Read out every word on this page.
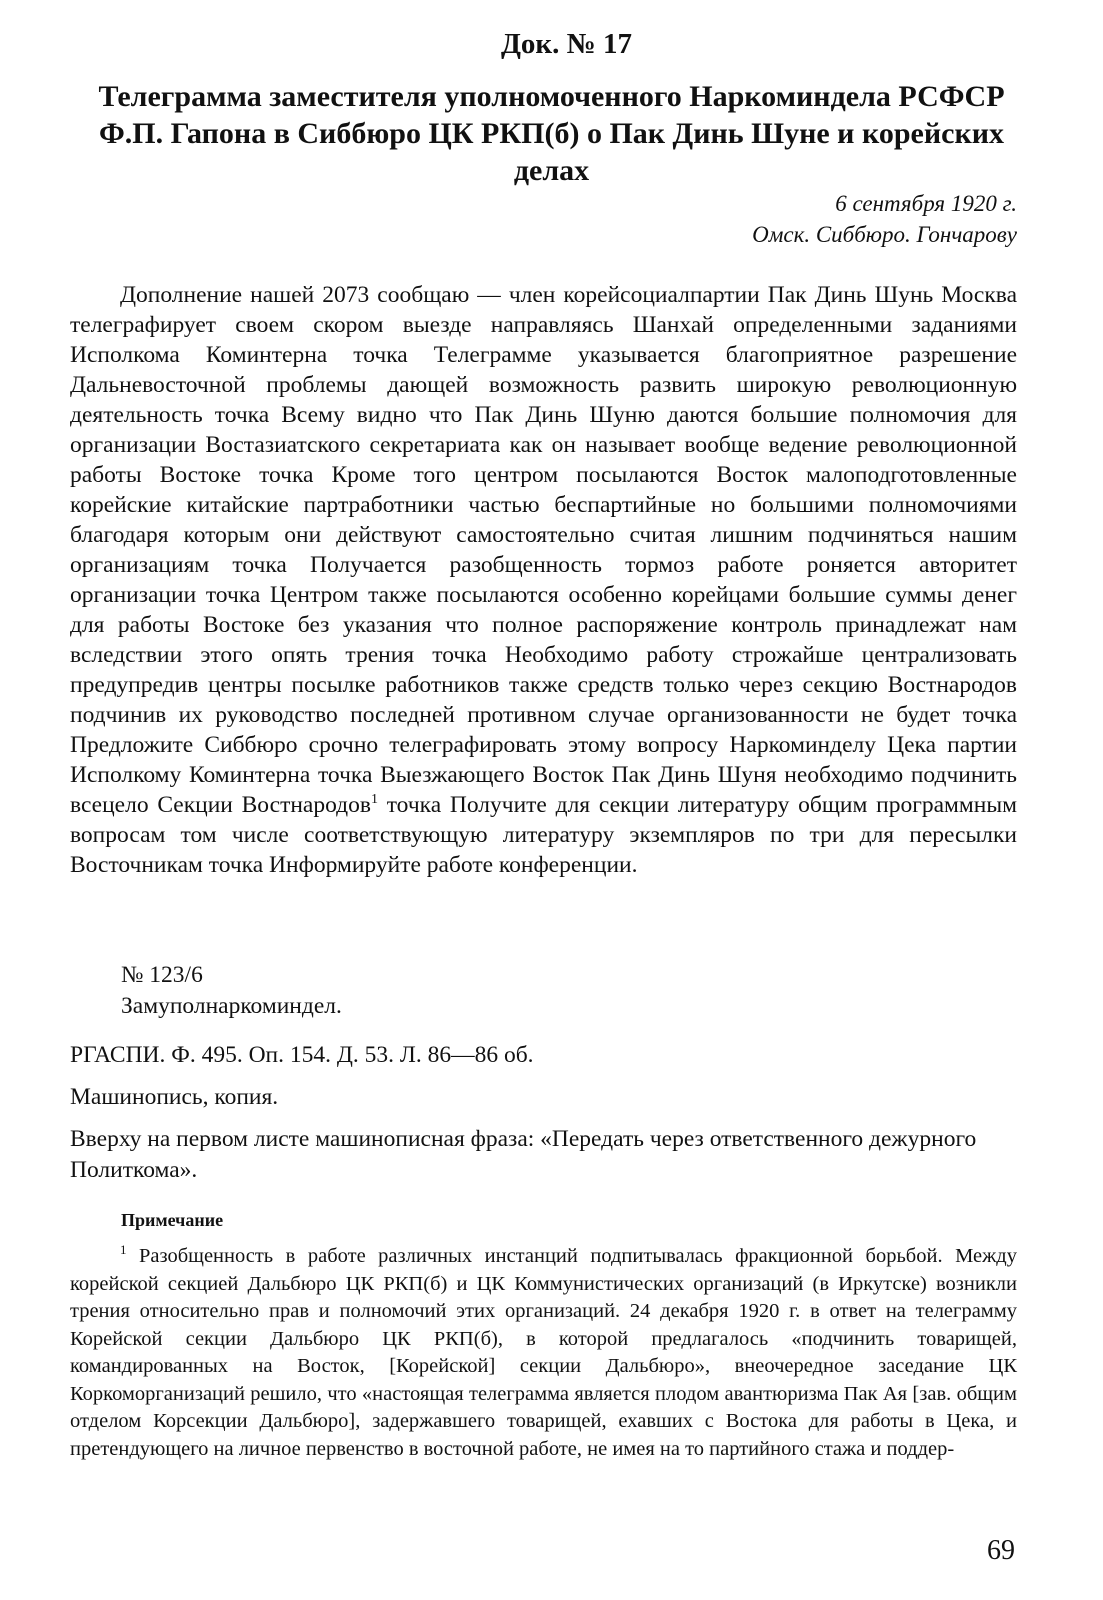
Док. № 17
Телеграмма заместителя уполномоченного Наркоминдела РСФСР Ф.П. Гапона в Сиббюро ЦК РКП(б) о Пак Динь Шуне и корейских делах
6 сентября 1920 г.
Омск. Сиббюро. Гончарову

Дополнение нашей 2073 сообщаю — член корейсоциалпартии Пак Динь Шунь Москва телеграфирует своем скором выезде направляясь Шанхай определенными заданиями Исполкома Коминтерна точка Телеграмме указывается благоприятное разрешение Дальневосточной проблемы дающей возможность развить широкую революционную деятельность точка Всему видно что Пак Динь Шуню даются большие полномочия для организации Востазиатского секретариата как он называет вообще ведение революционной работы Востоке точка Кроме того центром посылаются Восток малоподготовленные корейские китайские партработники частью беспартийные но большими полномочиями благодаря которым они действуют самостоятельно считая лишним подчиняться нашим организациям точка Получается разобщенность тормоз работе роняется авторитет организации точка Центром также посылаются особенно корейцами большие суммы денег для работы Востоке без указания что полное распоряжение контроль принадлежат нам вследствии этого опять трения точка Необходимо работу строжайше централизовать предупредив центры посылке работников также средств только через секцию Востнародов подчинив их руководство последней противном случае организованности не будет точка Предложите Сиббюро срочно телеграфировать этому вопросу Наркоминделу Цека партии Исполкому Коминтерна точка Выезжающего Восток Пак Динь Шуня необходимо подчинить всецело Секции Востнародов$^1$ точка Получите для секции литературу общим программным вопросам том числе соответствующую литературу экземпляров по три для пересылки Восточникам точка Информируйте работе конференции.

№ 123/6
Замуполнаркоминдел.
РГАСПИ. Ф. 495. Оп. 154. Д. 53. Л. 86—86 об.
Машинопись, копия.
Вверху на первом листе машинописная фраза: «Передать через ответственного дежурного Политкома».
Примечание

$^1$ Разобщенность в работе различных инстанций подпитывалась фракционной борьбой. Между корейской секцией Дальбюро ЦК РКП(б) и ЦК Коммунистических организаций (в Иркутске) возникли трения относительно прав и полномочий этих организаций. 24 декабря 1920 г. в ответ на телеграмму Корейской секции Дальбюро ЦК РКП(б), в которой предлагалось «подчинить товарищей, командированных на Восток, [Корейской] секции Дальбюро», внеочередное заседание ЦК Коркоморганизаций решило, что «настоящая телеграмма является плодом авантюризма Пак Ая [зав. общим отделом Корсекции Дальбюро], задержавшего товарищей, ехавших с Востока для работы в Цека, и претендующего на личное первенство в восточной работе, не имея на то партийного стажа и поддер-

69
